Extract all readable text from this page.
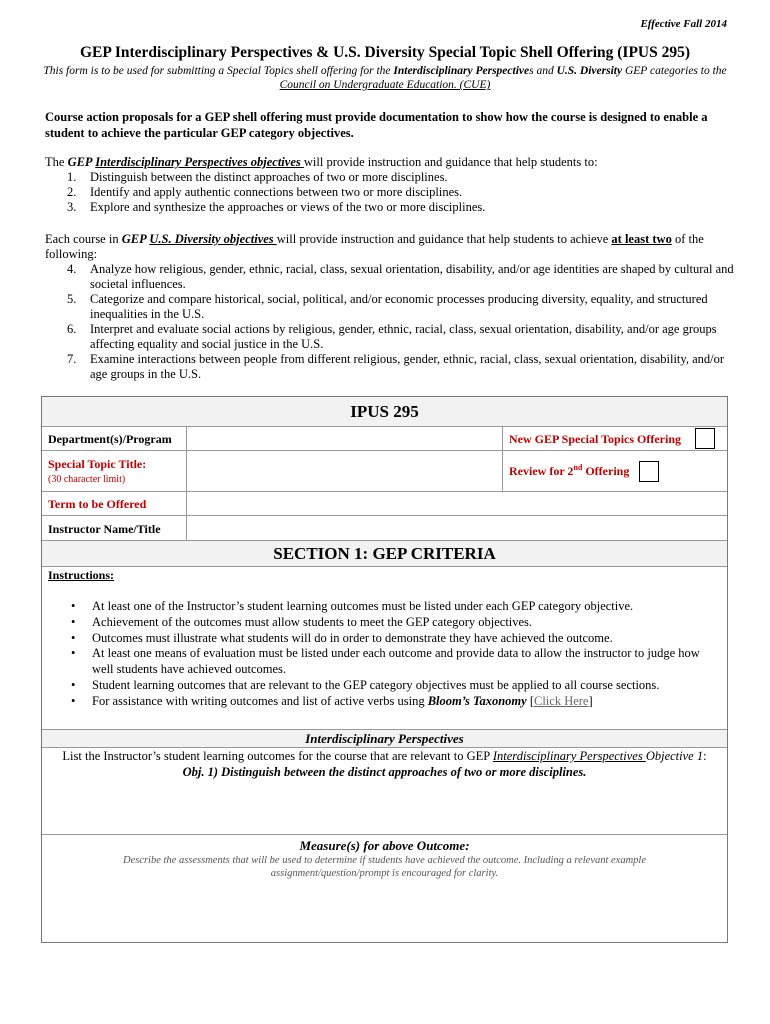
Effective Fall 2014
GEP Interdisciplinary Perspectives & U.S. Diversity Special Topic Shell Offering (IPUS 295)
This form is to be used for submitting a Special Topics shell offering for the Interdisciplinary Perspectives and U.S. Diversity GEP categories to the
Council on Undergraduate Education. (CUE)
Course action proposals for a GEP shell offering must provide documentation to show how the course is designed to enable a student to achieve the particular GEP category objectives.
The GEP Interdisciplinary Perspectives objectives will provide instruction and guidance that help students to:
1. Distinguish between the distinct approaches of two or more disciplines.
2. Identify and apply authentic connections between two or more disciplines.
3. Explore and synthesize the approaches or views of the two or more disciplines.
Each course in GEP U.S. Diversity objectives will provide instruction and guidance that help students to achieve at least two of the following:
4. Analyze how religious, gender, ethnic, racial, class, sexual orientation, disability, and/or age identities are shaped by cultural and societal influences.
5. Categorize and compare historical, social, political, and/or economic processes producing diversity, equality, and structured inequalities in the U.S.
6. Interpret and evaluate social actions by religious, gender, ethnic, racial, class, sexual orientation, disability, and/or age groups affecting equality and social justice in the U.S.
7. Examine interactions between people from different religious, gender, ethnic, racial, class, sexual orientation, disability, and/or age groups in the U.S.
IPUS 295
Department(s)/Program	New GEP Special Topics Offering
Special Topic Title:
(30 character limit)
Review for 2nd Offering
Term to be Offered
Instructor Name/Title
SECTION 1: GEP CRITERIA
Instructions:
• At least one of the Instructor’s student learning outcomes must be listed under each GEP category objective.
• Achievement of the outcomes must allow students to meet the GEP category objectives.
• Outcomes must illustrate what students will do in order to demonstrate they have achieved the outcome.
• At least one means of evaluation must be listed under each outcome and provide data to allow the instructor to judge how well students have achieved outcomes.
• Student learning outcomes that are relevant to the GEP category objectives must be applied to all course sections.
• For assistance with writing outcomes and list of active verbs using Bloom’s Taxonomy [Click Here]
Interdisciplinary Perspectives
List the Instructor’s student learning outcomes for the course that are relevant to GEP Interdisciplinary Perspectives Objective 1:
Obj. 1) Distinguish between the distinct approaches of two or more disciplines.
Measure(s) for above Outcome:
Describe the assessments that will be used to determine if students have achieved the outcome. Including a relevant example assignment/question/prompt is encouraged for clarity.
